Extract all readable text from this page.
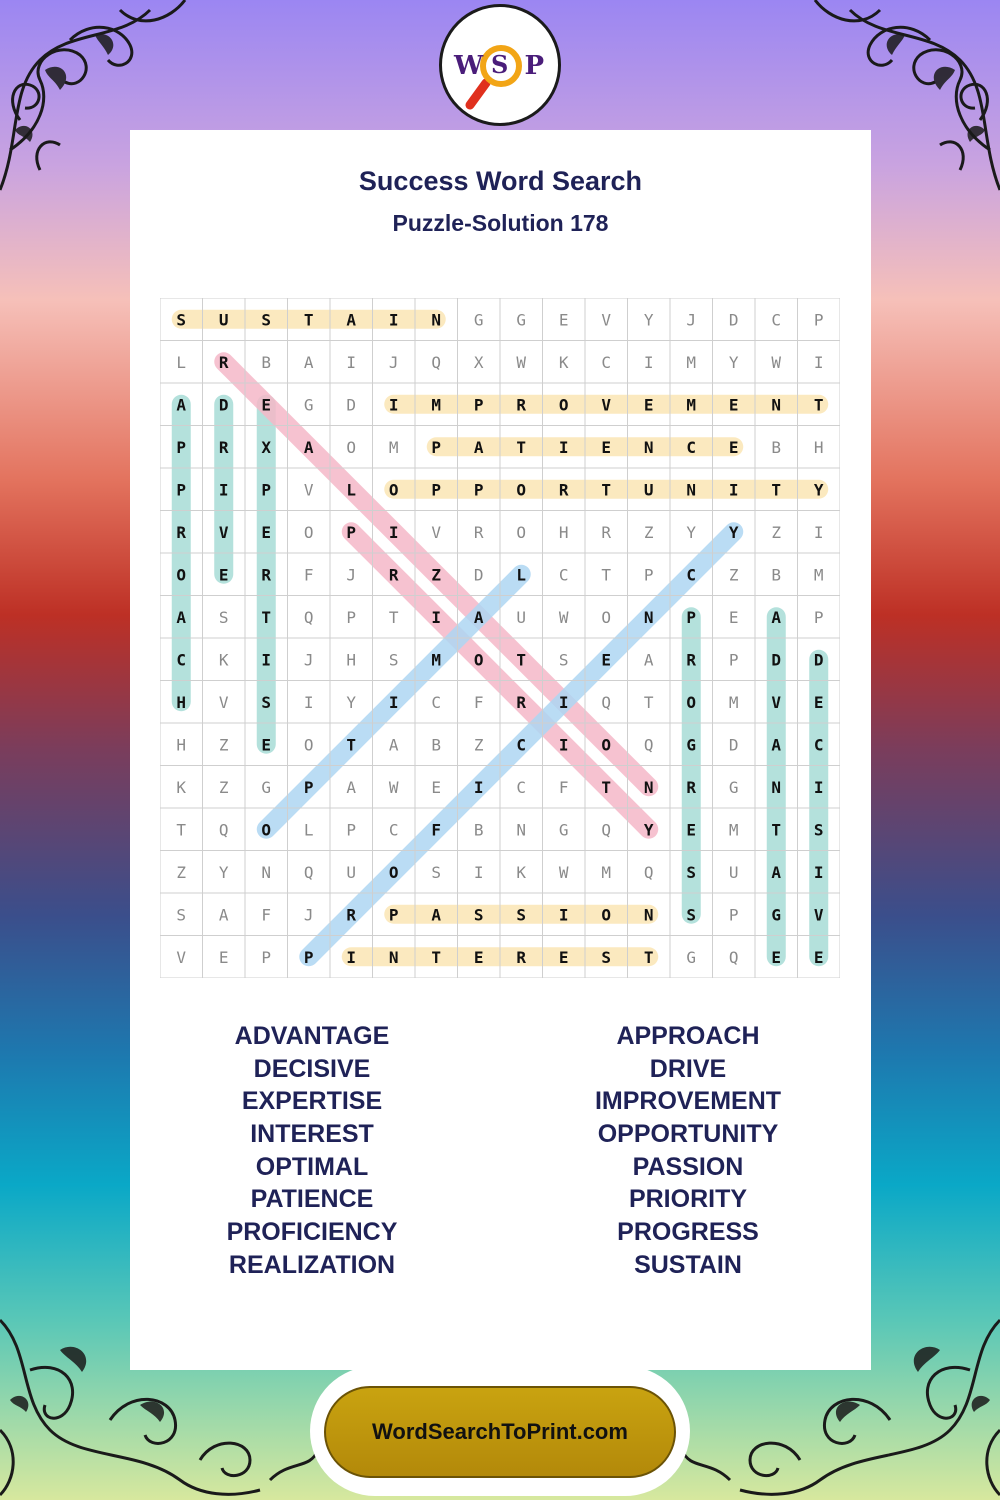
W S P
Success Word Search
Puzzle-Solution 178
S U S T A I N G G E V Y J D C P
L R B A I J Q X W K C I M Y W I
A D E G D I M P R O V E M E N T
P R X A O M P A T I E N C E B H
P I P V L O P P O R T U N I T Y
R V E O P I V R O H R Z Y Y Z I
O E R F J R Z D L C T P C Z B M
A S T Q P T I A U W O N P E A P
C K I J H S M O T S E A R P D D
H V S I Y I C F R I Q T O M V E
H Z E O T A B Z C I O Q G D A C
K Z G P A W E I C F T N R G N I
T Q O L P C F B N G Q Y E M T S
Z Y N Q U O S I K W M Q S U A I
S A F J R P A S S I O N S P G V
V E P P I N T E R E S T G Q E E
ADVANTAGE
DECISIVE
EXPERTISE
INTEREST
OPTIMAL
PATIENCE
PROFICIENCY
REALIZATION
APPROACH
DRIVE
IMPROVEMENT
OPPORTUNITY
PASSION
PRIORITY
PROGRESS
SUSTAIN
WordSearchToPrint.com
